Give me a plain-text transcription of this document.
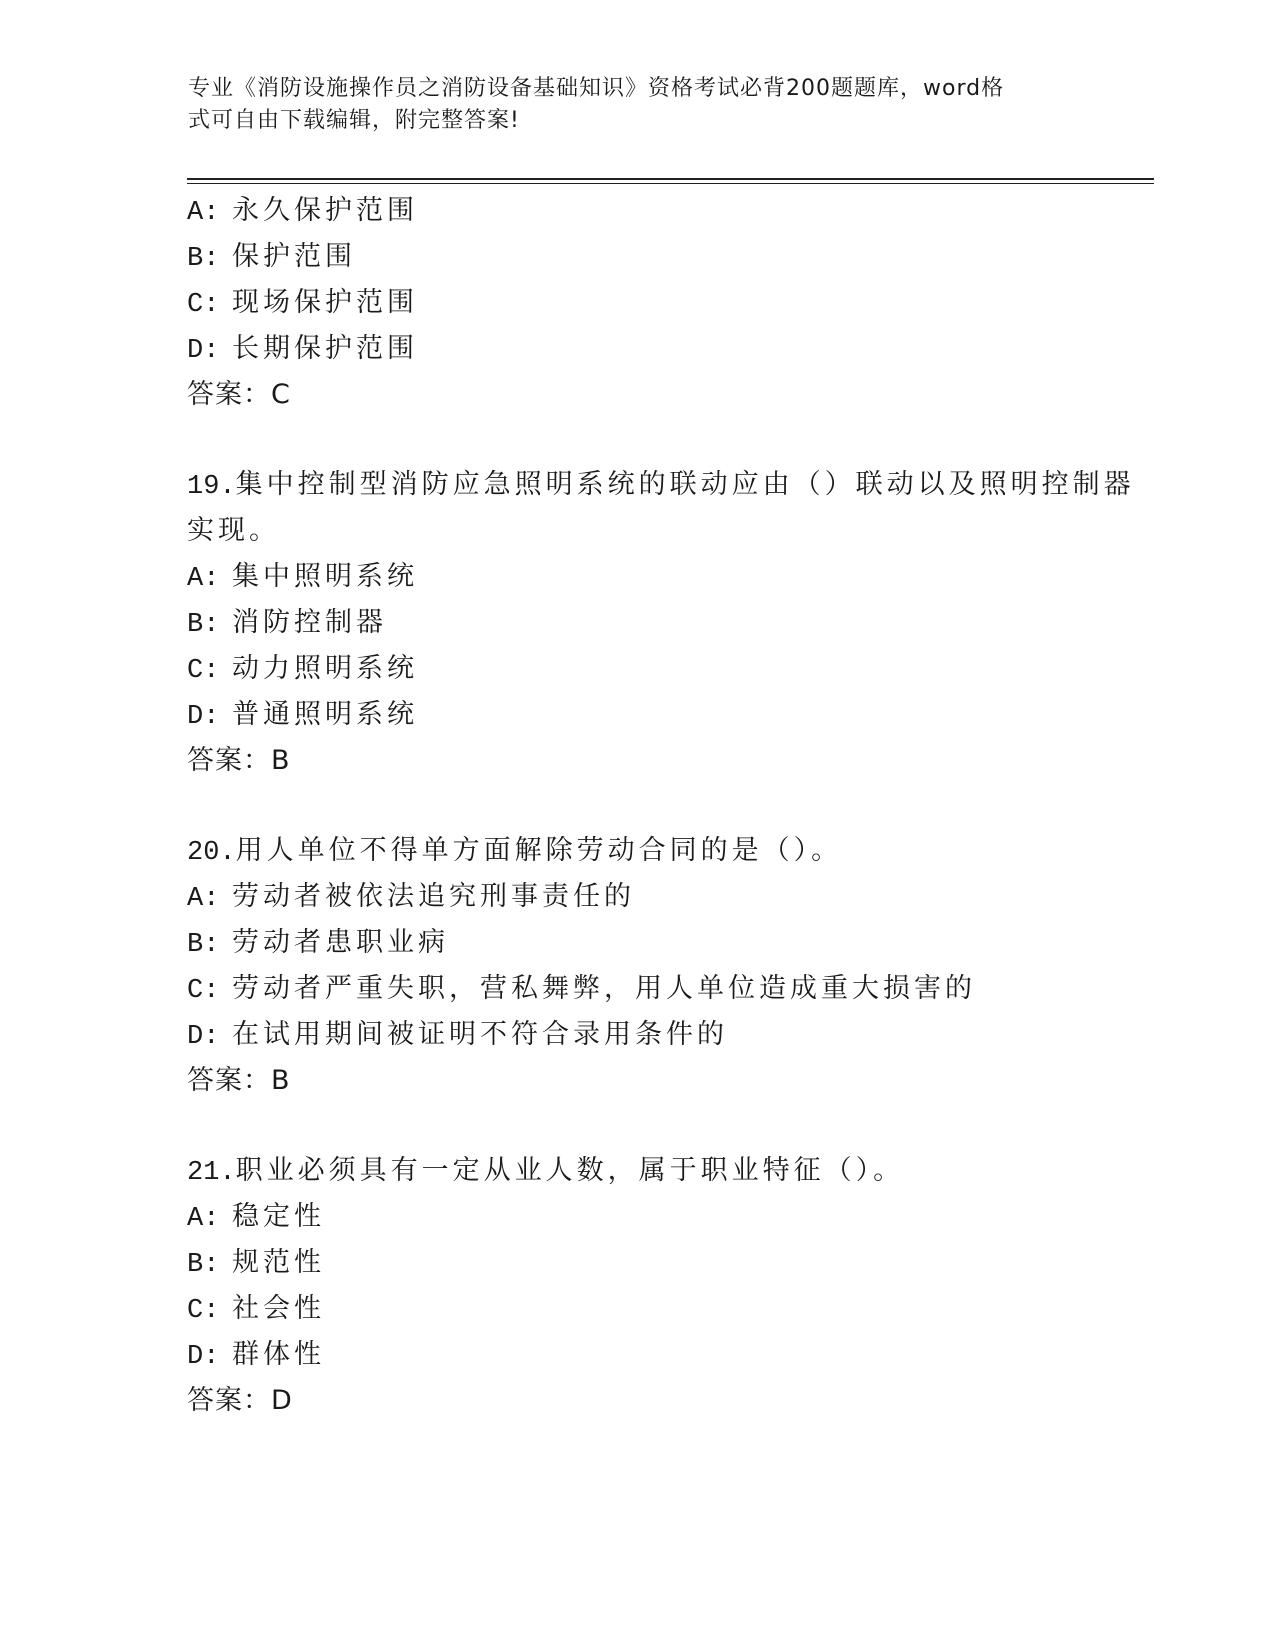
专业《消防设施操作员之消防设备基础知识》资格考试必背200题题库，word格
式可自由下载编辑，附完整答案!
A: 永久保护范围
B: 保护范围
C: 现场保护范围
D: 长期保护范围
答案：C
19.集中控制型消防应急照明系统的联动应由（）联动以及照明控制器
实现。
A: 集中照明系统
B: 消防控制器
C: 动力照明系统
D: 普通照明系统
答案：B
20.用人单位不得单方面解除劳动合同的是（）。
A: 劳动者被依法追究刑事责任的
B: 劳动者患职业病
C: 劳动者严重失职，营私舞弊，用人单位造成重大损害的
D: 在试用期间被证明不符合录用条件的
答案：B
21.职业必须具有一定从业人数，属于职业特征（）。
A: 稳定性
B: 规范性
C: 社会性
D: 群体性
答案：D
